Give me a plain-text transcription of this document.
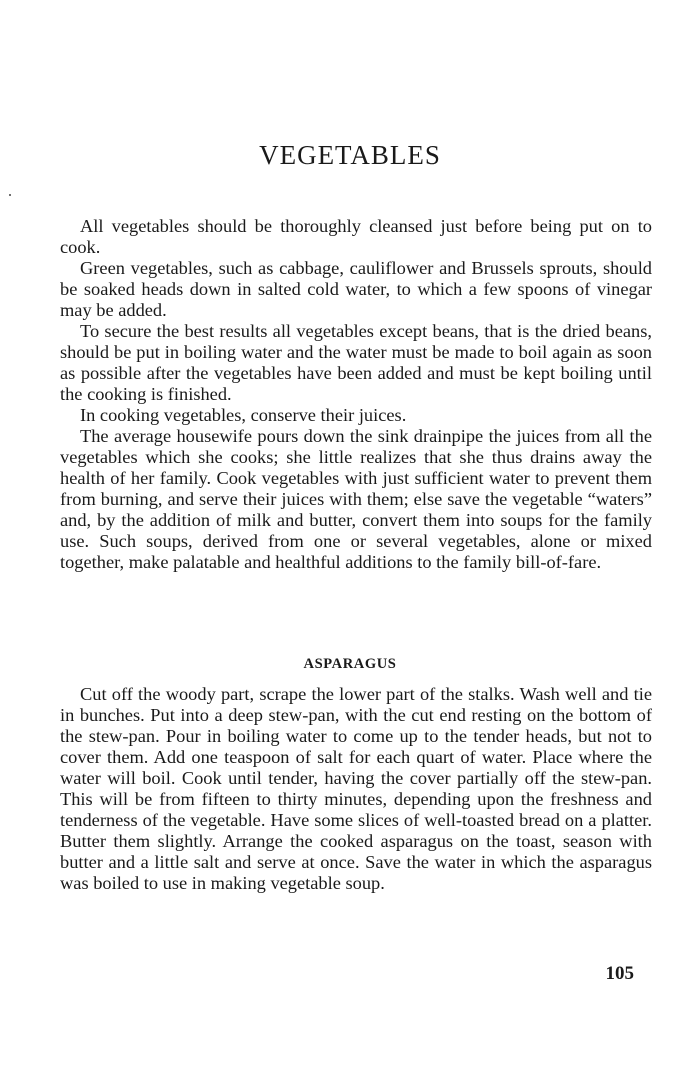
VEGETABLES

All vegetables should be thoroughly cleansed just before being put on to cook.

Green vegetables, such as cabbage, cauliflower and Brussels sprouts, should be soaked heads down in salted cold water, to which a few spoons of vinegar may be added.

To secure the best results all vegetables except beans, that is the dried beans, should be put in boiling water and the water must be made to boil again as soon as possible after the vegetables have been added and must be kept boiling until the cooking is finished.

In cooking vegetables, conserve their juices.

The average housewife pours down the sink drainpipe the juices from all the vegetables which she cooks; she little realizes that she thus drains away the health of her family. Cook vegetables with just sufficient water to prevent them from burning, and serve their juices with them; else save the vegetable “waters” and, by the addition of milk and butter, convert them into soups for the family use. Such soups, derived from one or several vegetables, alone or mixed together, make palatable and healthful additions to the family bill-of-fare.

ASPARAGUS

Cut off the woody part, scrape the lower part of the stalks. Wash well and tie in bunches. Put into a deep stew-pan, with the cut end resting on the bottom of the stew-pan. Pour in boiling water to come up to the tender heads, but not to cover them. Add one teaspoon of salt for each quart of water. Place where the water will boil. Cook until tender, having the cover partially off the stew-pan. This will be from fifteen to thirty minutes, depending upon the freshness and tenderness of the vegetable. Have some slices of well-toasted bread on a platter. Butter them slightly. Arrange the cooked asparagus on the toast, season with butter and a little salt and serve at once. Save the water in which the asparagus was boiled to use in making vegetable soup.

105
